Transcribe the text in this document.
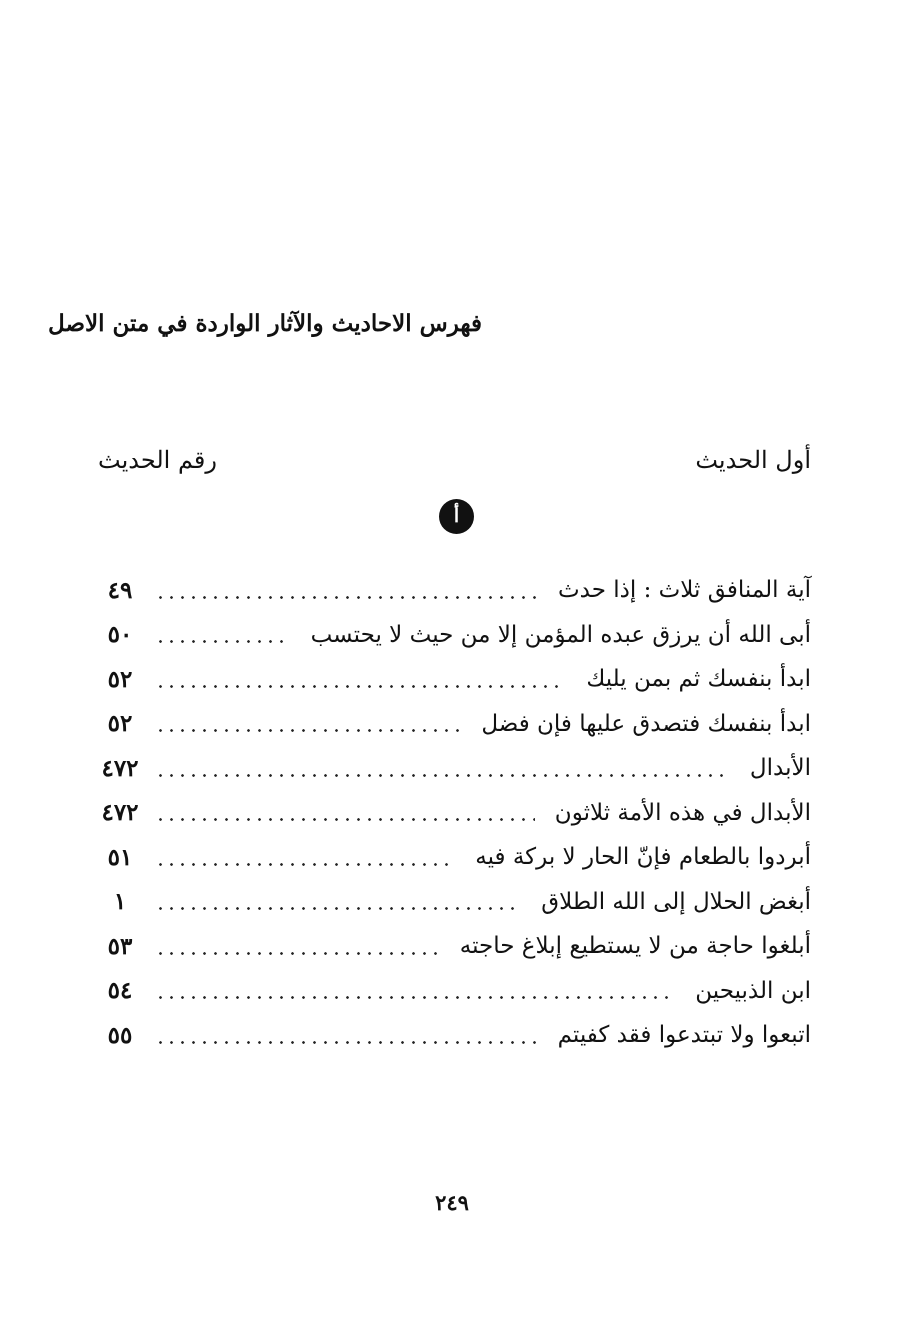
فهرس الاحاديث والآثار الواردة في متن الاصل
أول الحديث
رقم الحديث
أ
آية المنافق ثلاث : إذا حدث
٤٩
أبى الله أن يرزق عبده المؤمن إلا من حيث لا يحتسب
٥٠
ابدأ بنفسك ثم بمن يليك
٥٢
ابدأ بنفسك فتصدق عليها فإن فضل
٥٢
الأبدال
٤٧٢
الأبدال في هذه الأمة ثلاثون
٤٧٢
أبردوا بالطعام فإنّ الحار لا بركة فيه
٥١
أبغض الحلال إلى الله الطلاق
١
أبلغوا حاجة من لا يستطيع إبلاغ حاجته
٥٣
ابن الذبيحين
٥٤
اتبعوا ولا تبتدعوا فقد كفيتم
٥٥
٢٤٩
